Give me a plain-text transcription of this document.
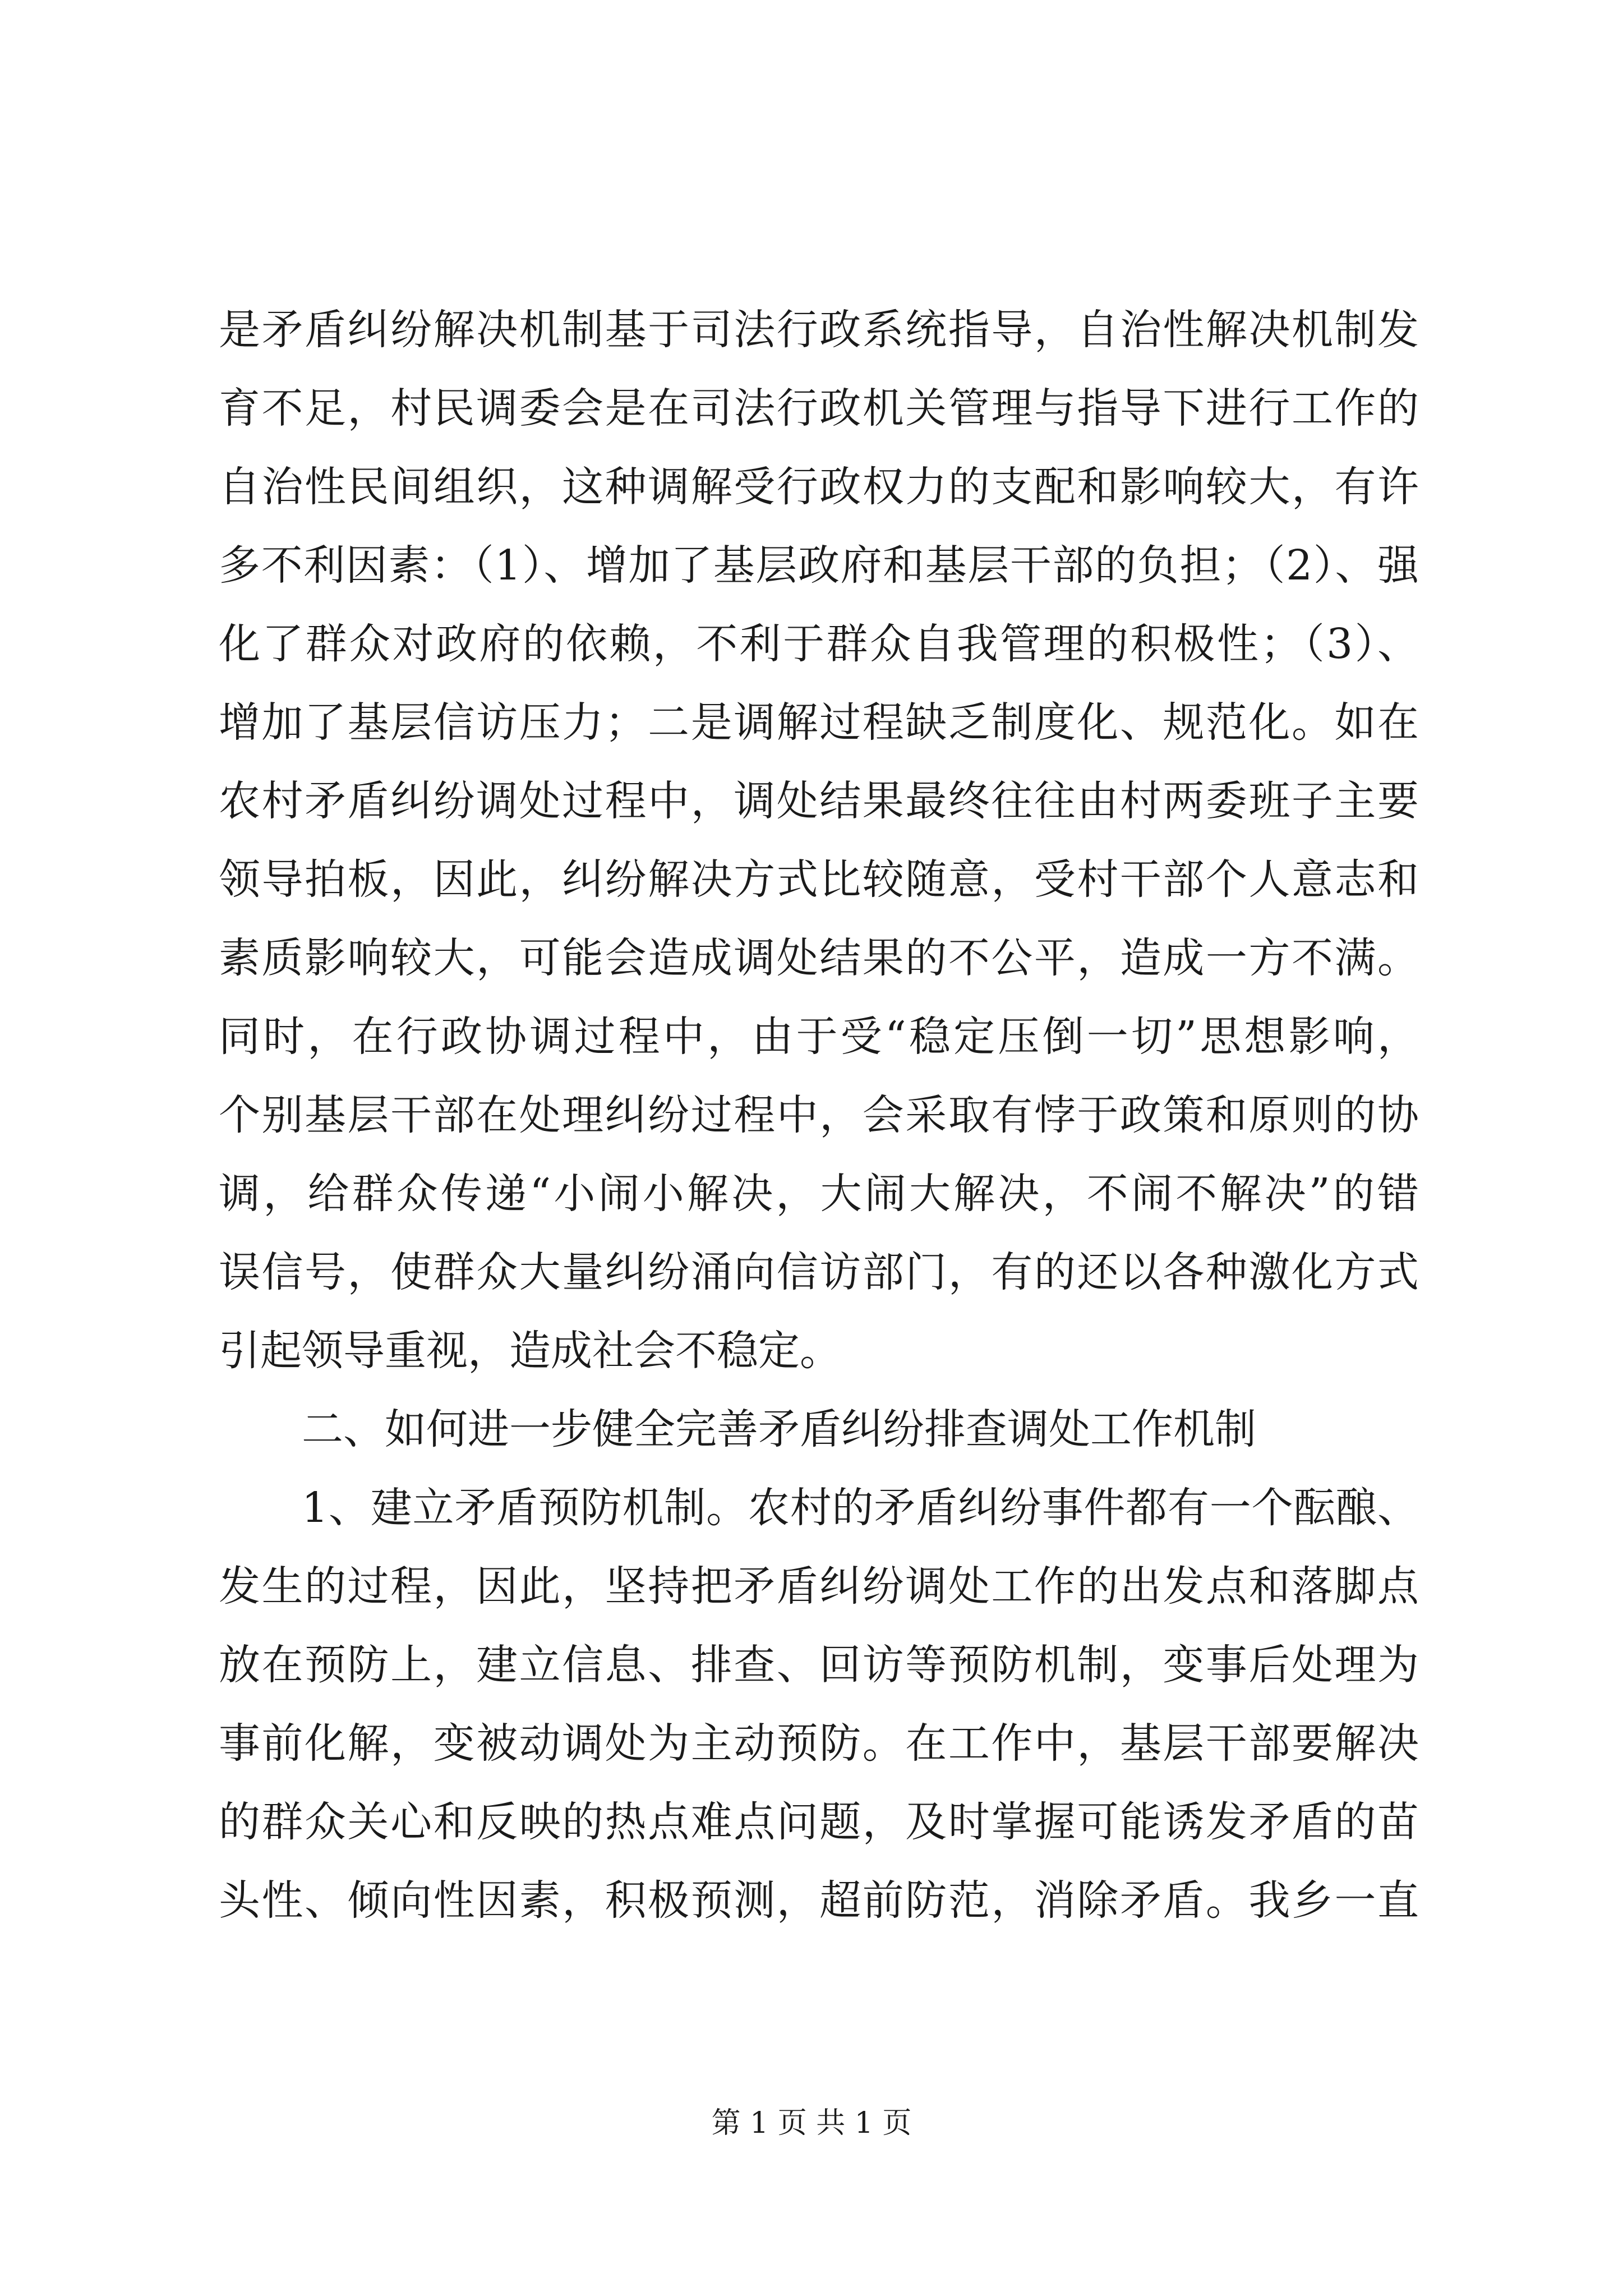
是矛盾纠纷解决机制基于司法行政系统指导，自治性解决机制发
育不足，村民调委会是在司法行政机关管理与指导下进行工作的
自治性民间组织，这种调解受行政权力的支配和影响较大，有许
多不利因素：（1）、增加了基层政府和基层干部的负担；（2）、强
化了群众对政府的依赖，不利于群众自我管理的积极性；（3）、
增加了基层信访压力；二是调解过程缺乏制度化、规范化。如在
农村矛盾纠纷调处过程中，调处结果最终往往由村两委班子主要
领导拍板，因此，纠纷解决方式比较随意，受村干部个人意志和
素质影响较大，可能会造成调处结果的不公平，造成一方不满。
同时，在行政协调过程中，由于受“稳定压倒一切”思想影响，
个别基层干部在处理纠纷过程中，会采取有悖于政策和原则的协
调，给群众传递“小闹小解决，大闹大解决，不闹不解决”的错
误信号，使群众大量纠纷涌向信访部门，有的还以各种激化方式
引起领导重视，造成社会不稳定。
二、如何进一步健全完善矛盾纠纷排查调处工作机制
1、建立矛盾预防机制。农村的矛盾纠纷事件都有一个酝酿、
发生的过程，因此，坚持把矛盾纠纷调处工作的出发点和落脚点
放在预防上，建立信息、排查、回访等预防机制，变事后处理为
事前化解，变被动调处为主动预防。在工作中，基层干部要解决
的群众关心和反映的热点难点问题，及时掌握可能诱发矛盾的苗
头性、倾向性因素，积极预测，超前防范，消除矛盾。我乡一直
第 1 页 共 1 页
